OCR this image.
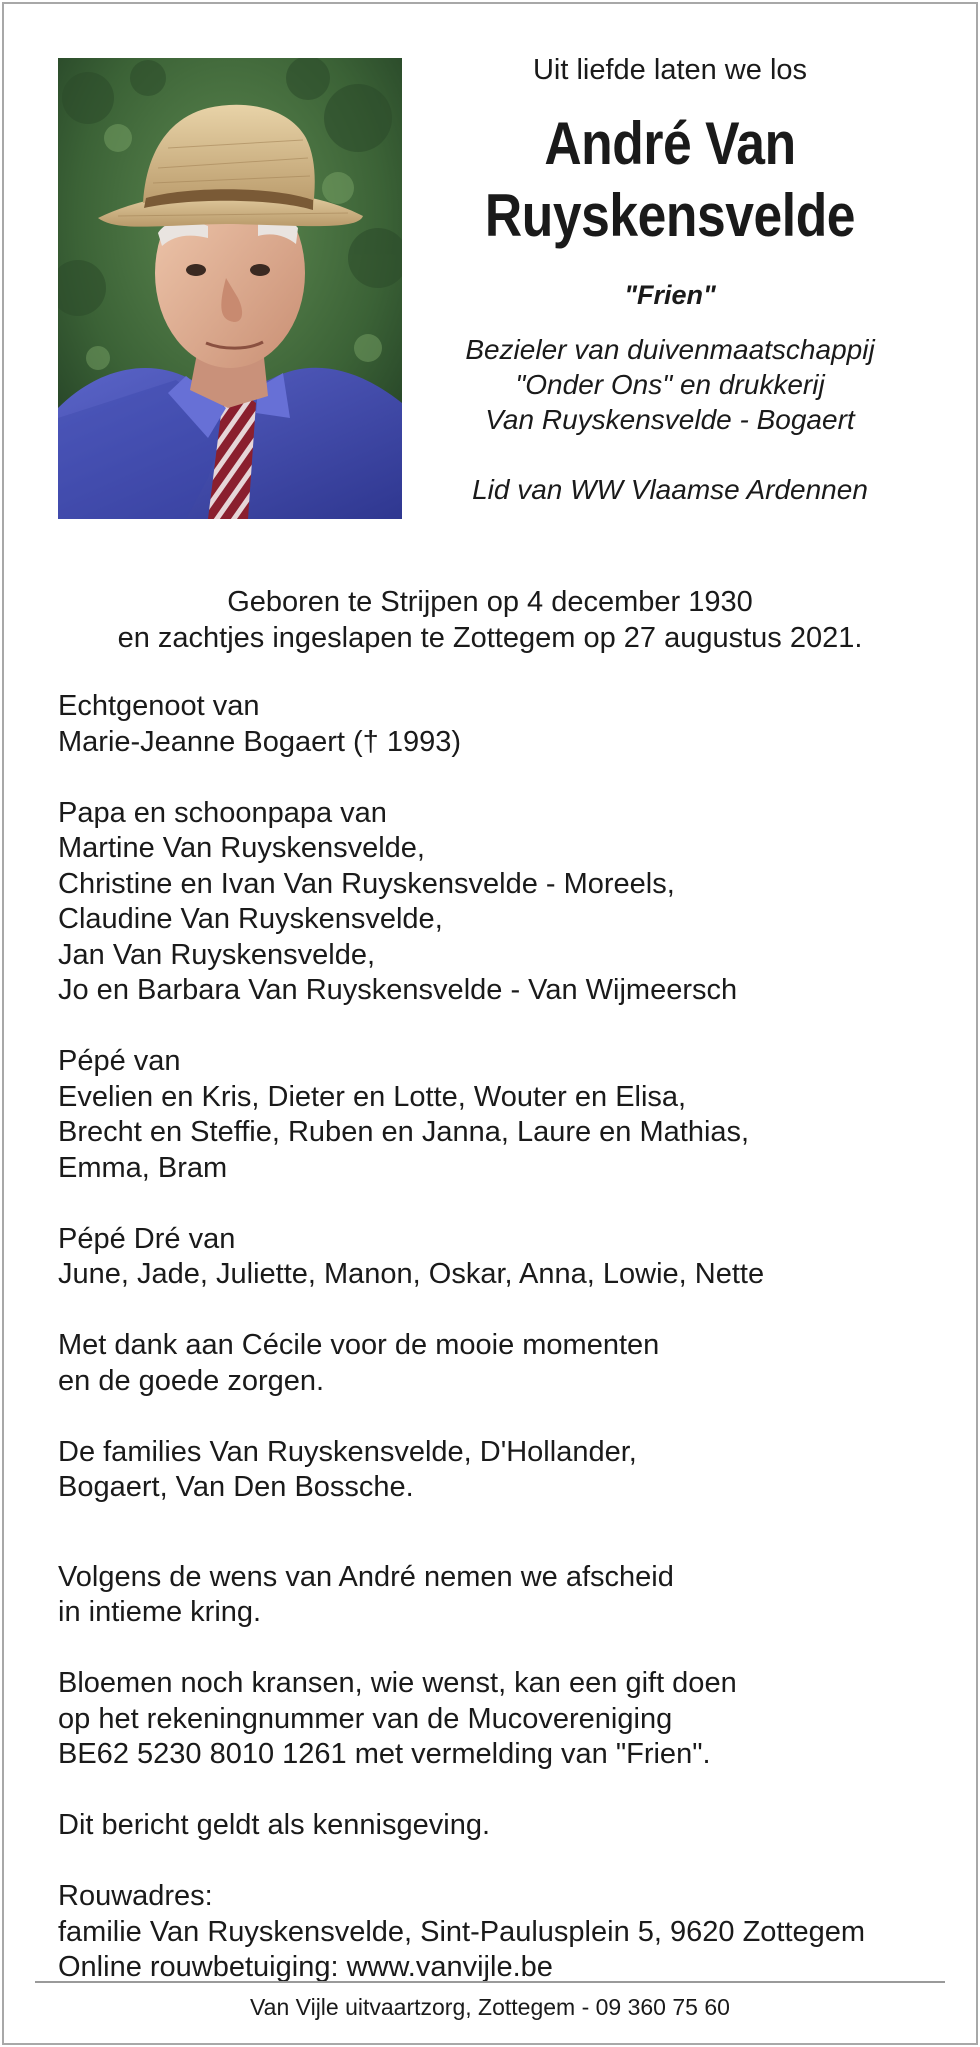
Uit liefde laten we los

André Van
Ruyskensvelde

"Frien"

Bezieler van duivenmaatschappij
"Onder Ons" en drukkerij
Van Ruyskensvelde - Bogaert

Lid van WW Vlaamse Ardennen

Geboren te Strijpen op 4 december 1930
en zachtjes ingeslapen te Zottegem op 27 augustus 2021.

Echtgenoot van
Marie-Jeanne Bogaert († 1993)

Papa en schoonpapa van
Martine Van Ruyskensvelde,
Christine en Ivan Van Ruyskensvelde - Moreels,
Claudine Van Ruyskensvelde,
Jan Van Ruyskensvelde,
Jo en Barbara Van Ruyskensvelde - Van Wijmeersch

Pépé van
Evelien en Kris, Dieter en Lotte, Wouter en Elisa,
Brecht en Steffie, Ruben en Janna, Laure en Mathias,
Emma, Bram

Pépé Dré van
June, Jade, Juliette, Manon, Oskar, Anna, Lowie, Nette

Met dank aan Cécile voor de mooie momenten
en de goede zorgen.

De families Van Ruyskensvelde, D'Hollander,
Bogaert, Van Den Bossche.

Volgens de wens van André nemen we afscheid
in intieme kring.

Bloemen noch kransen, wie wenst, kan een gift doen
op het rekeningnummer van de Mucovereniging
BE62 5230 8010 1261 met vermelding van "Frien".

Dit bericht geldt als kennisgeving.

Rouwadres:
familie Van Ruyskensvelde, Sint-Paulusplein 5, 9620 Zottegem
Online rouwbetuiging: www.vanvijle.be

Van Vijle uitvaartzorg, Zottegem - 09 360 75 60
